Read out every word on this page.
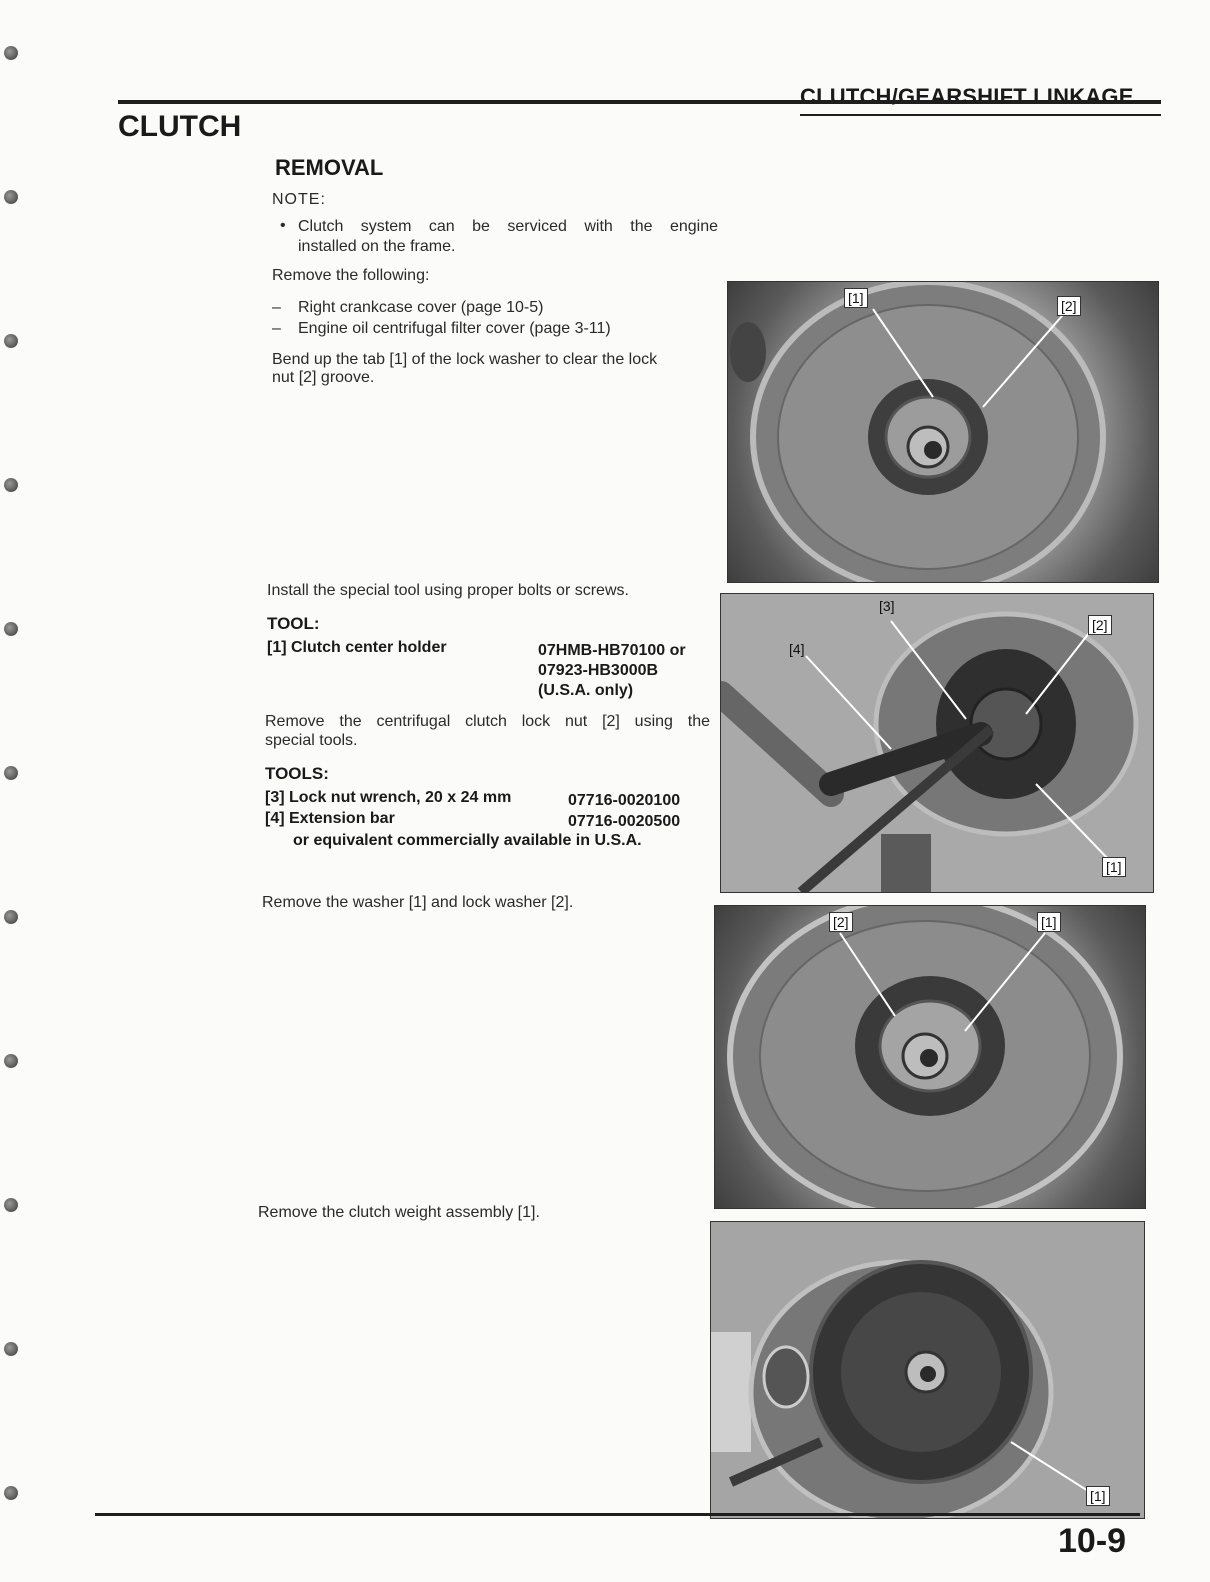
CLUTCH/GEARSHIFT LINKAGE
CLUTCH
REMOVAL
NOTE:
• Clutch system can be serviced with the engine
installed on the frame.
Remove the following:
– Right crankcase cover (page 10-5)
– Engine oil centrifugal filter cover (page 3-11)
Bend up the tab [1] of the lock washer to clear the lock
nut [2] groove.
Install the special tool using proper bolts or screws.
TOOL:
[1] Clutch center holder	07HMB-HB70100 or
07923-HB3000B
(U.S.A. only)
Remove the centrifugal clutch lock nut [2] using the
special tools.
TOOLS:
[3] Lock nut wrench, 20 x 24 mm	07716-0020100
[4] Extension bar	07716-0020500
or equivalent commercially available in U.S.A.
Remove the washer [1] and lock washer [2].
Remove the clutch weight assembly [1].
[1]	[2]
[3]
[2]
[4]
[1]
[2]	[1]
[1]
10-9
